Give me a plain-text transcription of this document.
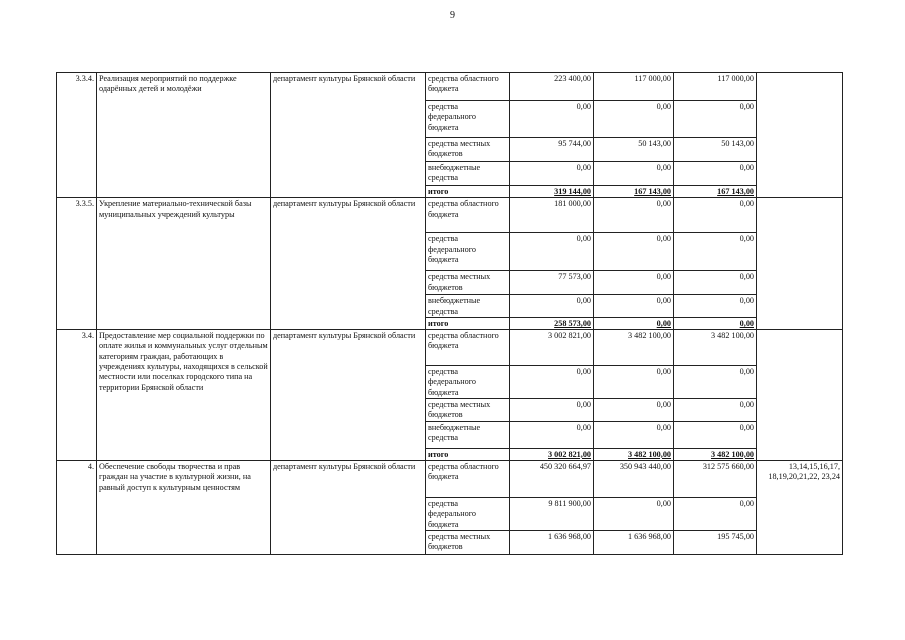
9
3.3.4.	Реализация мероприятий по поддержке одарённых детей и молодёжи	департамент культуры Брянской области	средства областного бюджета	223 400,00	117 000,00	117 000,00	
			средства федерального бюджета	0,00	0,00	0,00	
			средства местных бюджетов	95 744,00	50 143,00	50 143,00	
			внебюджетные средства	0,00	0,00	0,00	
			итого	319 144,00	167 143,00	167 143,00	
3.3.5.	Укрепление материально-технической базы муниципальных учреждений культуры	департамент культуры Брянской области	средства областного бюджета	181 000,00	0,00	0,00	
			средства федерального бюджета	0,00	0,00	0,00	
			средства местных бюджетов	77 573,00	0,00	0,00	
			внебюджетные средства	0,00	0,00	0,00	
			итого	258 573,00	0,00	0,00	
3.4.	Предоставление мер социальной поддержки по оплате жилья и коммунальных услуг отдельным категориям граждан, работающих в учреждениях культуры, находящихся в сельской местности или поселках городского типа на территории Брянской области	департамент культуры Брянской области	средства областного бюджета	3 002 821,00	3 482 100,00	3 482 100,00	
			средства федерального бюджета	0,00	0,00	0,00	
			средства местных бюджетов	0,00	0,00	0,00	
			внебюджетные средства	0,00	0,00	0,00	
			итого	3 002 821,00	3 482 100,00	3 482 100,00	
4.	Обеспечение свободы творчества и прав граждан на участие в культурной жизни, на равный доступ к культурным ценностям	департамент культуры Брянской области	средства областного бюджета	450 320 664,97	350 943 440,00	312 575 660,00	13,14,15,16,17, 18,19,20,21,22, 23,24
			средства федерального бюджета	9 811 900,00	0,00	0,00	
			средства местных бюджетов	1 636 968,00	1 636 968,00	195 745,00	
